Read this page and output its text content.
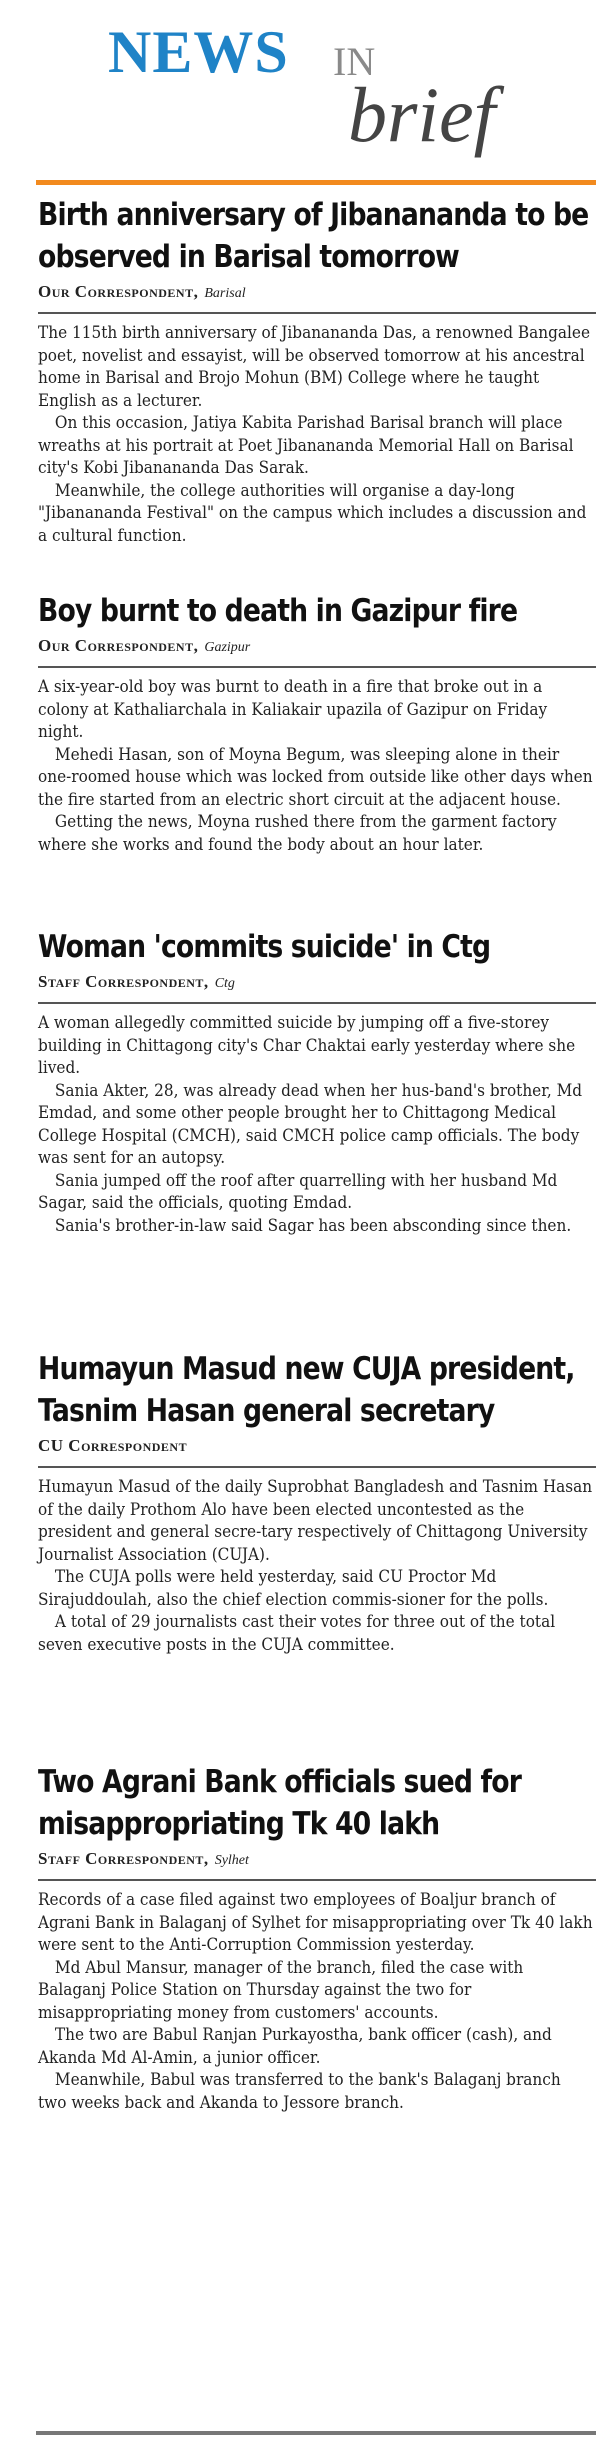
NEWS IN
brief
Birth anniversary of Jibanananda to be observed in Barisal tomorrow
Our Correspondent, Barisal

The 115th birth anniversary of Jibanananda Das, a renowned Bangalee poet, novelist and essayist, will be observed tomorrow at his ancestral home in Barisal and Brojo Mohun (BM) College where he taught English as a lecturer.

On this occasion, Jatiya Kabita Parishad Barisal branch will place wreaths at his portrait at Poet Jibanananda Memorial Hall on Barisal city's Kobi Jibanananda Das Sarak.

Meanwhile, the college authorities will organise a day-long "Jibanananda Festival" on the campus which includes a discussion and a cultural function.

Boy burnt to death in Gazipur fire
Our Correspondent, Gazipur

A six-year-old boy was burnt to death in a fire that broke out in a colony at Kathaliarchala in Kaliakair upazila of Gazipur on Friday night.

Mehedi Hasan, son of Moyna Begum, was sleeping alone in their one-roomed house which was locked from outside like other days when the fire started from an electric short circuit at the adjacent house.

Getting the news, Moyna rushed there from the garment factory where she works and found the body about an hour later.

Woman 'commits suicide' in Ctg
Staff Correspondent, Ctg

A woman allegedly committed suicide by jumping off a five-storey building in Chittagong city's Char Chaktai early yesterday where she lived.

Sania Akter, 28, was already dead when her hus-band's brother, Md Emdad, and some other people brought her to Chittagong Medical College Hospital (CMCH), said CMCH police camp officials. The body was sent for an autopsy.

Sania jumped off the roof after quarrelling with her husband Md Sagar, said the officials, quoting Emdad.

Sania's brother-in-law said Sagar has been absconding since then.

Humayun Masud new CUJA president, Tasnim Hasan general secretary
CU Correspondent

Humayun Masud of the daily Suprobhat Bangladesh and Tasnim Hasan of the daily Prothom Alo have been elected uncontested as the president and general secre-tary respectively of Chittagong University Journalist Association (CUJA).

The CUJA polls were held yesterday, said CU Proctor Md Sirajuddoulah, also the chief election commis-sioner for the polls.

A total of 29 journalists cast their votes for three out of the total seven executive posts in the CUJA committee.

Two Agrani Bank officials sued for misappropriating Tk 40 lakh
Staff Correspondent, Sylhet

Records of a case filed against two employees of Boaljur branch of Agrani Bank in Balaganj of Sylhet for misappropriating over Tk 40 lakh were sent to the Anti-Corruption Commission yesterday.

Md Abul Mansur, manager of the branch, filed the case with Balaganj Police Station on Thursday against the two for misappropriating money from customers' accounts.

The two are Babul Ranjan Purkayostha, bank officer (cash), and Akanda Md Al-Amin, a junior officer.

Meanwhile, Babul was transferred to the bank's Balaganj branch two weeks back and Akanda to Jessore branch.
